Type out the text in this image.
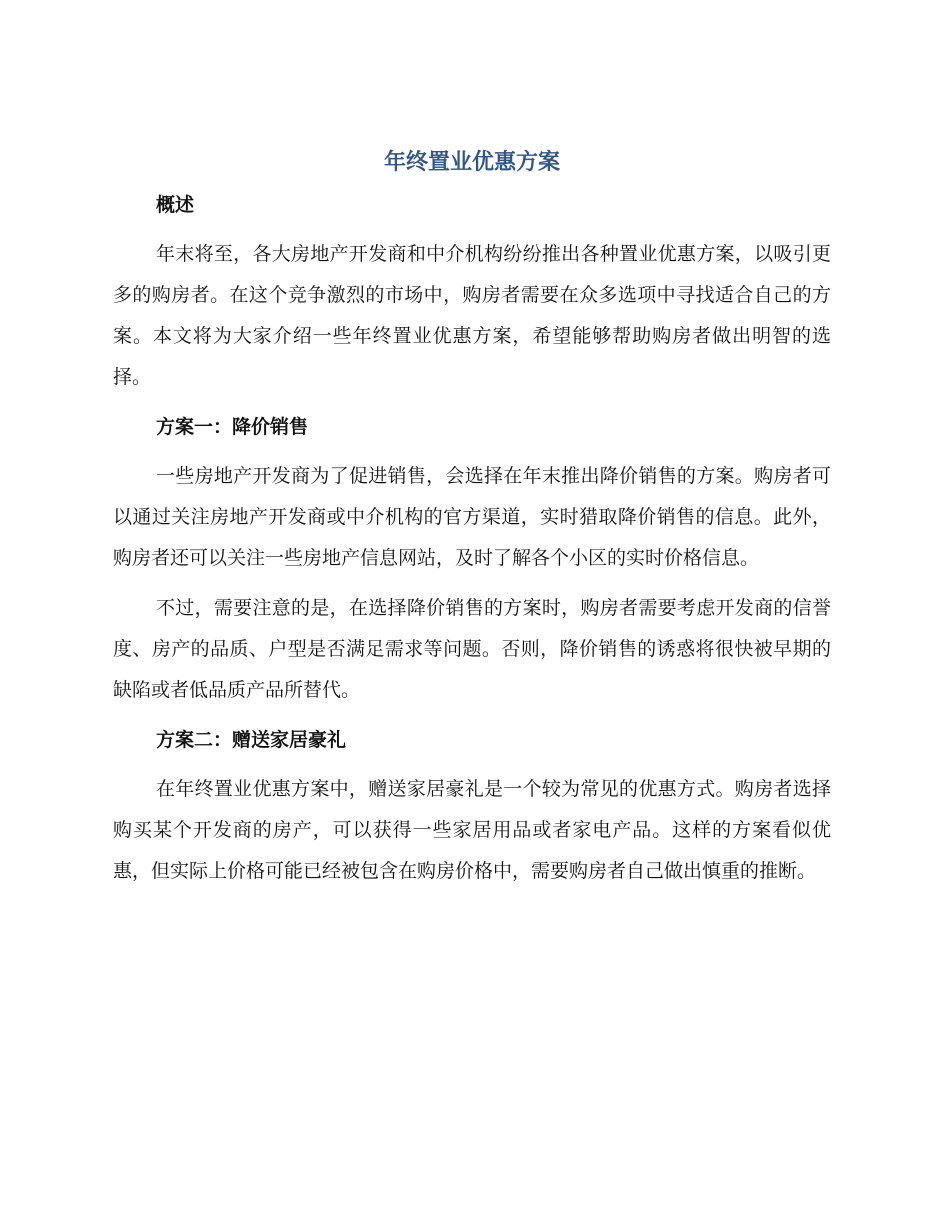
年终置业优惠方案
概述

年末将至，各大房地产开发商和中介机构纷纷推出各种置业优惠方案，以吸引更多的购房者。在这个竞争激烈的市场中，购房者需要在众多选项中寻找适合自己的方案。本文将为大家介绍一些年终置业优惠方案，希望能够帮助购房者做出明智的选择。

方案一：降价销售

一些房地产开发商为了促进销售，会选择在年末推出降价销售的方案。购房者可以通过关注房地产开发商或中介机构的官方渠道，实时猎取降价销售的信息。此外，购房者还可以关注一些房地产信息网站，及时了解各个小区的实时价格信息。

不过，需要注意的是，在选择降价销售的方案时，购房者需要考虑开发商的信誉度、房产的品质、户型是否满足需求等问题。否则，降价销售的诱惑将很快被早期的缺陷或者低品质产品所替代。

方案二：赠送家居豪礼

在年终置业优惠方案中，赠送家居豪礼是一个较为常见的优惠方式。购房者选择购买某个开发商的房产，可以获得一些家居用品或者家电产品。这样的方案看似优惠，但实际上价格可能已经被包含在购房价格中，需要购房者自己做出慎重的推断。
